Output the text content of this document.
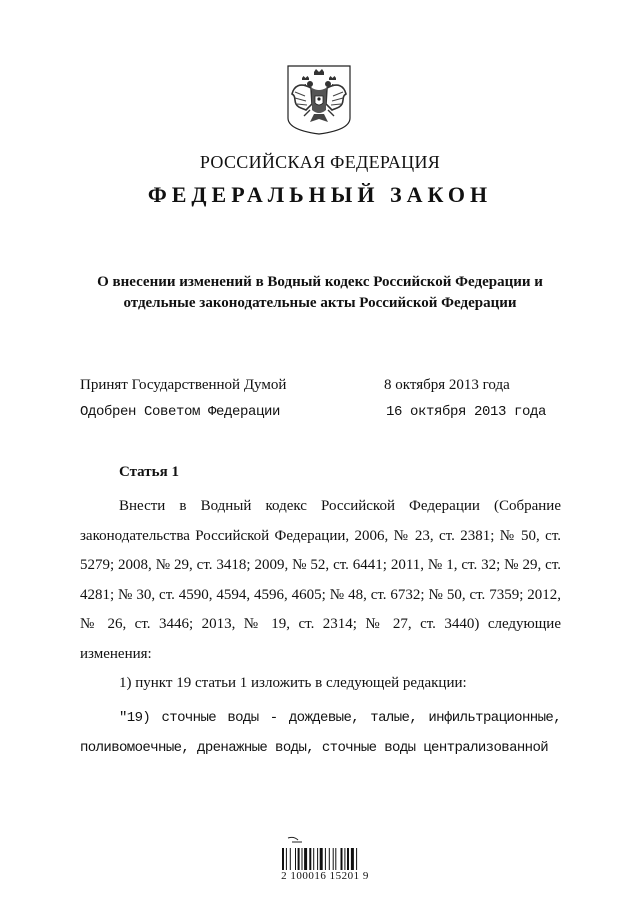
РОССИЙСКАЯ ФЕДЕРАЦИЯ
ФЕДЕРАЛЬНЫЙ ЗАКОН
О внесении изменений в Водный кодекс Российской Федерации и отдельные законодательные акты Российской Федерации
Принят Государственной Думой	8 октября 2013 года
Одобрен Советом Федерации	16 октября 2013 года
Статья 1

Внести в Водный кодекс Российской Федерации (Собрание законодательства Российской Федерации, 2006, № 23, ст. 2381; № 50, ст. 5279; 2008, № 29, ст. 3418; 2009, № 52, ст. 6441; 2011, № 1, ст. 32; № 29, ст. 4281; № 30, ст. 4590, 4594, 4596, 4605; № 48, ст. 6732; № 50, ст. 7359; 2012, № 26, ст. 3446; 2013, № 19, ст. 2314; № 27, ст. 3440) следующие изменения:

1) пункт 19 статьи 1 изложить в следующей редакции:

"19) сточные воды - дождевые, талые, инфильтрационные, поливомоечные, дренажные воды, сточные воды централизованной

2 100016 15201 9
